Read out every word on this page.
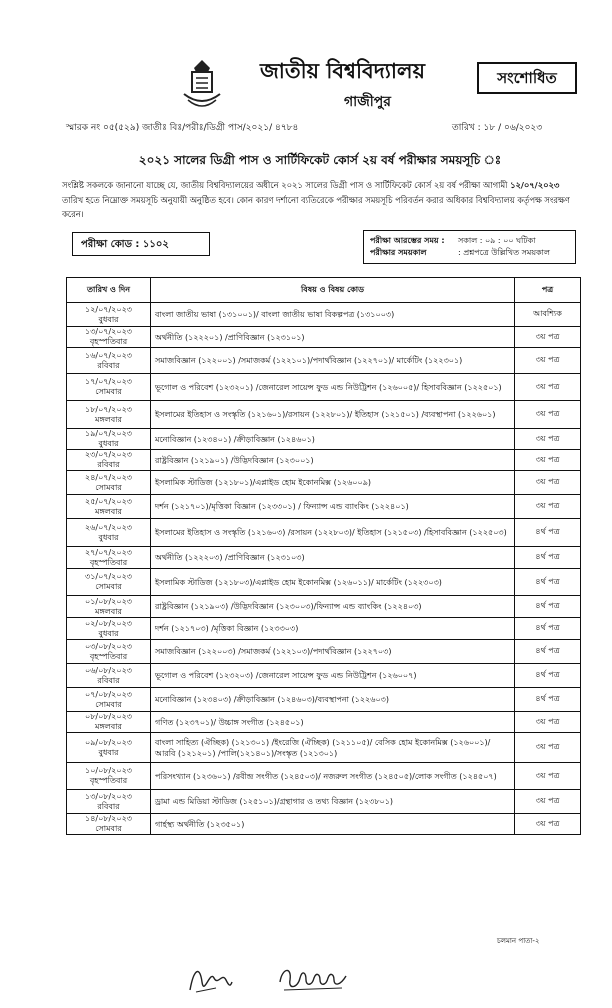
জাতীয় বিশ্ববিদ্যালয়
গাজীপুর
সংশোধিত
স্মারক নং ০৫(৫২৯) জাতীঃ বিঃ/পরীঃ/ডিগ্রী পাস/২০২১/ ৪৭৮৪	তারিখ : ১৮ / ০৬/২০২৩
২০২১ সালের ডিগ্রী পাস ও সার্টিফিকেট কোর্স ২য় বর্ষ পরীক্ষার সময়সূচি ঃ
সংশ্লিষ্ট সকলকে জানানো যাচ্ছে যে, জাতীয় বিশ্ববিদ্যালয়ের অধীনে ২০২১ সালের ডিগ্রী পাস ও সার্টিফিকেট কোর্স ২য় বর্ষ পরীক্ষা আগামী ১২/০৭/২০২৩ তারিখ হতে নিম্নোক্ত সময়সূচি অনুযায়ী অনুষ্ঠিত হবে। কোন কারণ দর্শানো ব্যতিরেকে পরীক্ষার সময়সূচি পরিবর্তন করার অধিকার বিশ্ববিদ্যালয় কর্তৃপক্ষ সংরক্ষণ করেন।
পরীক্ষা কোড : ১১০২	পরীক্ষা আরম্ভের সময় : সকাল : ০৯ : ০০ ঘটিকা
পরীক্ষার সময়কাল	: প্রশ্নপত্রে উল্লিখিত সময়কাল
তারিখ ও দিন	বিষয় ও বিষয় কোড	পত্র

১২/০৭/২০২৩
বুধবার	বাংলা জাতীয় ভাষা (১৩১০০১)/ বাংলা জাতীয় ভাষা বিকল্পপত্র (১৩১০০৩)	আবশ্যিক

১৩/০৭/২০২৩
বৃহস্পতিবার	অর্থনীতি (১২২২০১) /প্রাণিবিজ্ঞান (১২৩১০১)	৩য় পত্র

১৬/০৭/২০২৩
রবিবার	সমাজবিজ্ঞান (১২২০০১) /সমাজকর্ম (১২২১০১)/পদার্থবিজ্ঞান (১২২৭০১)/ মার্কেটিং (১২২৩০১)	৩য় পত্র

১৭/০৭/২০২৩
সোমবার	ভূগোল ও পরিবেশ (১২৩২০১) /জেনারেল সায়েন্স ফুড এন্ড নিউট্রিশন (১২৬০০৫)/ হিসাববিজ্ঞান (১২২৫০১)	৩য় পত্র

১৮/০৭/২০২৩
মঙ্গলবার	ইসলামের ইতিহাস ও সংস্কৃতি (১২১৬০১)/রসায়ন (১২২৮০১)/ ইতিহাস (১২১৫০১) /ব্যবস্থাপনা (১২২৬০১)	৩য় পত্র

১৯/০৭/২০২৩
বুধবার	মনোবিজ্ঞান (১২৩৪০১) /ক্রীড়াবিজ্ঞান (১২৪৬০১)	৩য় পত্র

২৩/০৭/২০২৩
রবিবার	রাষ্ট্রবিজ্ঞান (১২১৯০১) /উদ্ভিদবিজ্ঞান (১২৩০০১)	৩য় পত্র

২৪/০৭/২০২৩
সোমবার	ইসলামিক স্টাডিজ (১২১৮০১)/এপ্লাইড হোম ইকোনমিক্স (১২৬০০৯)	৩য় পত্র

২৫/০৭/২০২৩
মঙ্গলবার	দর্শন (১২১৭০১)/মৃত্তিকা বিজ্ঞান (১২৩৩০১) / ফিন্যান্স এন্ড ব্যাংকিং (১২২৪০১)	৩য় পত্র

২৬/০৭/২০২৩
বুধবার	ইসলামের ইতিহাস ও সংস্কৃতি (১২১৬০৩) /রসায়ন (১২২৮০৩)/ ইতিহাস (১২১৫০৩) /হিসাববিজ্ঞান (১২২৫০৩)	৪র্থ পত্র

২৭/০৭/২০২৩
বৃহস্পতিবার	অর্থনীতি (১২২২০৩) /প্রাণিবিজ্ঞান (১২৩১০৩)	৪র্থ পত্র

৩১/০৭/২০২৩
সোমবার	ইসলামিক স্টাডিজ (১২১৮০৩)/এপ্লাইড হোম ইকোনমিক্স (১২৬০১১)/ মার্কেটিং (১২২৩০৩)	৪র্থ পত্র

০১/০৮/২০২৩
মঙ্গলবার	রাষ্ট্রবিজ্ঞান (১২১৯০৩) /উদ্ভিদবিজ্ঞান (১২৩০০৩)/ফিন্যান্স এন্ড ব্যাংকিং (১২২৪০৩)	৪র্থ পত্র

০২/০৮/২০২৩
বুধবার	দর্শন (১২১৭০৩) /মৃত্তিকা বিজ্ঞান (১২৩৩০৩)	৪র্থ পত্র

০৩/০৮/২০২৩
বৃহস্পতিবার	সমাজবিজ্ঞান (১২২০০৩) /সমাজকর্ম (১২২১০৩)/পদার্থবিজ্ঞান (১২২৭০৩)	৪র্থ পত্র

০৬/০৮/২০২৩
রবিবার	ভূগোল ও পরিবেশ (১২৩২০৩) /জেনারেল সায়েন্স ফুড এন্ড নিউট্রিশন (১২৬০০৭)	৪র্থ পত্র

০৭/০৮/২০২৩
সোমবার	মনোবিজ্ঞান (১২৩৪০৩) /ক্রীড়াবিজ্ঞান (১২৪৬০৩)/ব্যবস্থাপনা (১২২৬০৩)	৪র্থ পত্র

০৮/০৮/২০২৩
মঙ্গলবার	গণিত (১২৩৭০১)/ উচ্চাঙ্গ সংগীত (১২৪৫০১)	৩য় পত্র

০৯/০৮/২০২৩
বুধবার	বাংলা সাহিত্য (ঐচ্ছিক) (১২১৩০১) /ইংরেজি (ঐচ্ছিক) (১২১১০৫)/ বেসিক হোম ইকোনমিক্স (১২৬০০১)/ আরবি (১২১২০১) /পালি(১২১৪০১)/সংস্কৃত (১২১৩০১)	৩য় পত্র

১০/০৮/২০২৩
বৃহস্পতিবার	পরিসংখ্যান (১২৩৬০১) /রবীন্দ্র সংগীত (১২৪৫০৩)/ নজরুল সংগীত (১২৪৫০৫)/লোক সংগীত (১২৪৫০৭)	৩য় পত্র

১৩/০৮/২০২৩
রবিবার	ড্রামা এন্ড মিডিয়া স্টাডিজ (১২৫১০১)/গ্রন্থাগার ও তথ্য বিজ্ঞান (১২৩৮০১)	৩য় পত্র

১৪/০৮/২০২৩
সোমবার	গার্হস্থ্য অর্থনীতি (১২৩৫০১)	৩য় পত্র
চলমান পাতা-২
